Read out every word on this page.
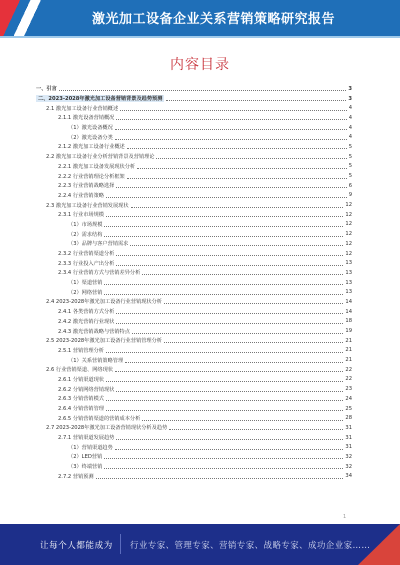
激光加工设备企业关系营销策略研究报告
内容目录
一、引言	3
二、2023-2028年激光加工设备营销背景及趋势预测	3
2.1 激光加工设备行业营销概述	4
2.1.1 激光设备营销概况	4
（1）激光设备概况	4
（2）激光设备分类	4
2.1.2 激光加工设备行业概述	5
2.2 激光加工设备行业分析营销背景及营销理论	5
2.2.1 激光加工设备发展现状分析	5
2.2.2 行业营销理论分析框架	5
2.2.3 行业营销战略选择	6
2.2.4 行业营销策略	9
2.3 激光加工设备行业营销发展现状	12
2.3.1 行业市场规模	12
（1）市场规模	12
（2）需求结构	12
（3）品牌与客户营销需求	12
2.3.2 行业营销渠道分析	12
2.3.3 行业投入产出分析	13
2.3.4 行业营销方式与营销差异分析	13
（1）渠道营销	13
（2）网络营销	13
2.4 2023-2028年激光加工设备行业营销现状分析	14
2.4.1 各类营销方式分析	14
2.4.2 激光营销行业现状	18
2.4.3 激光营销战略与营销特点	19
2.5 2023-2028年激光加工设备行业营销管理分析	21
2.5.1 营销管理分析	21
（1）关系营销策略管理	21
2.6 行业营销渠道、网络现状	22
2.6.1 分销渠道现状	22
2.6.2 分销网络营销现状	23
2.6.3 分销营销模式	24
2.6.4 分销营销管理	25
2.6.5 分销营销渠道的营销成本分析	28
2.7 2023-2028年激光加工设备营销现状分析及趋势	31
2.7.1 营销渠道发展趋势	31
（1）营销渠道趋势	31
（2）LED营销	32
（3）终端营销	32
2.7.2 营销预测	34
1
让每个人都能成为 行业专家、管理专家、营销专家、战略专家、成功企业家……
